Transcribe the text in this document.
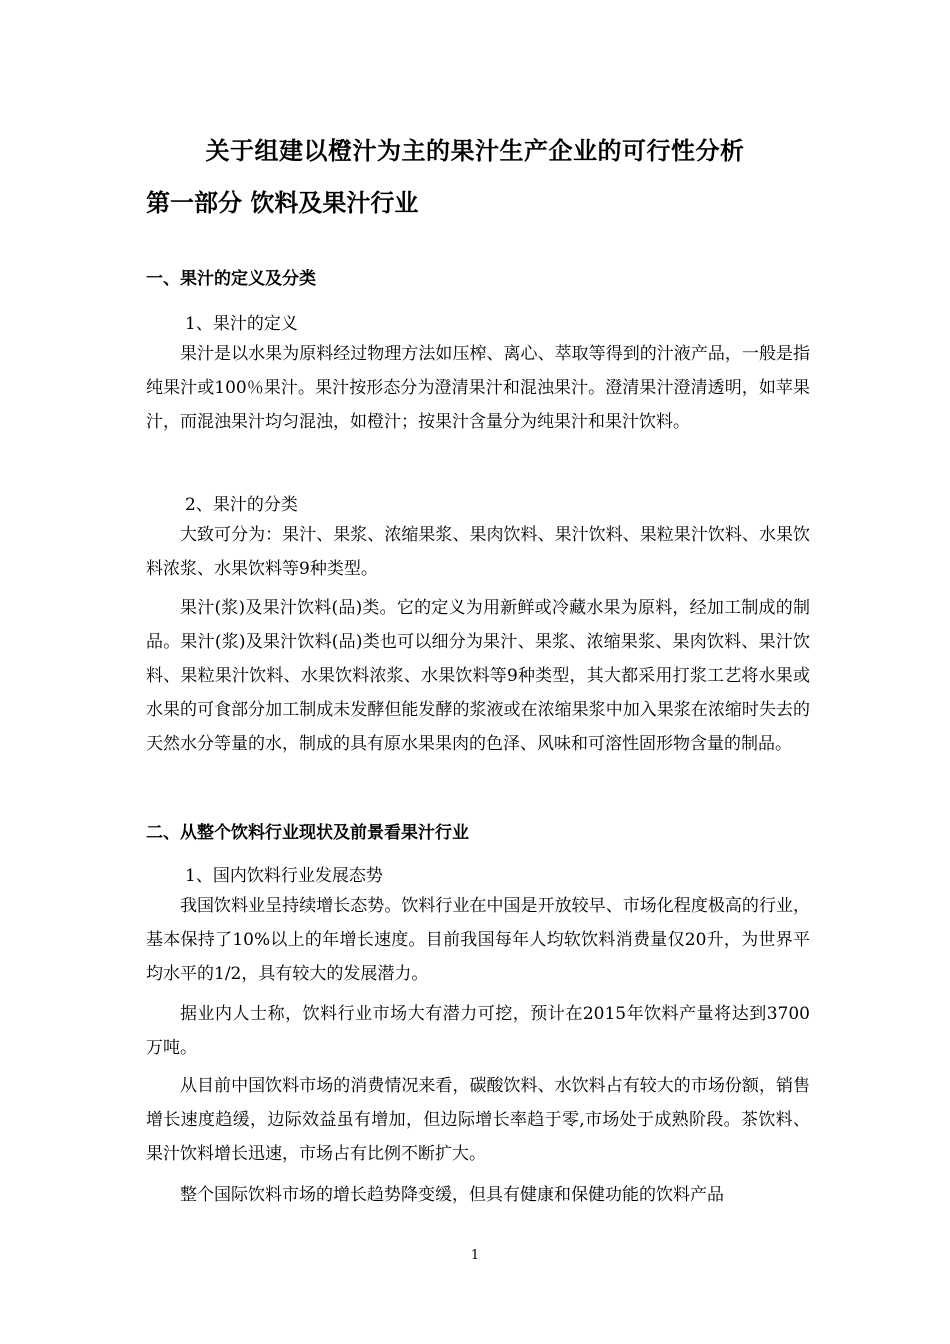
关于组建以橙汁为主的果汁生产企业的可行性分析
第一部分 饮料及果汁行业
一、果汁的定义及分类
1、果汁的定义

果汁是以水果为原料经过物理方法如压榨、离心、萃取等得到的汁液产品，一般是指纯果汁或100％果汁。果汁按形态分为澄清果汁和混浊果汁。澄清果汁澄清透明，如苹果汁，而混浊果汁均匀混浊，如橙汁；按果汁含量分为纯果汁和果汁饮料。

2、果汁的分类

大致可分为：果汁、果浆、浓缩果浆、果肉饮料、果汁饮料、果粒果汁饮料、水果饮料浓浆、水果饮料等9种类型。

果汁(浆)及果汁饮料(品)类。它的定义为用新鲜或冷藏水果为原料，经加工制成的制品。果汁(浆)及果汁饮料(品)类也可以细分为果汁、果浆、浓缩果浆、果肉饮料、果汁饮料、果粒果汁饮料、水果饮料浓浆、水果饮料等9种类型，其大都采用打浆工艺将水果或水果的可食部分加工制成未发酵但能发酵的浆液或在浓缩果浆中加入果浆在浓缩时失去的天然水分等量的水，制成的具有原水果果肉的色泽、风味和可溶性固形物含量的制品。

二、从整个饮料行业现状及前景看果汁行业
1、国内饮料行业发展态势

我国饮料业呈持续增长态势。饮料行业在中国是开放较早、市场化程度极高的行业，基本保持了10%以上的年增长速度。目前我国每年人均软饮料消费量仅20升，为世界平均水平的1/2，具有较大的发展潜力。

据业内人士称，饮料行业市场大有潜力可挖，预计在2015年饮料产量将达到3700万吨。

从目前中国饮料市场的消费情况来看，碳酸饮料、水饮料占有较大的市场份额，销售增长速度趋缓，边际效益虽有增加，但边际增长率趋于零,市场处于成熟阶段。茶饮料、果汁饮料增长迅速，市场占有比例不断扩大。

整个国际饮料市场的增长趋势降变缓，但具有健康和保健功能的饮料产品

1
